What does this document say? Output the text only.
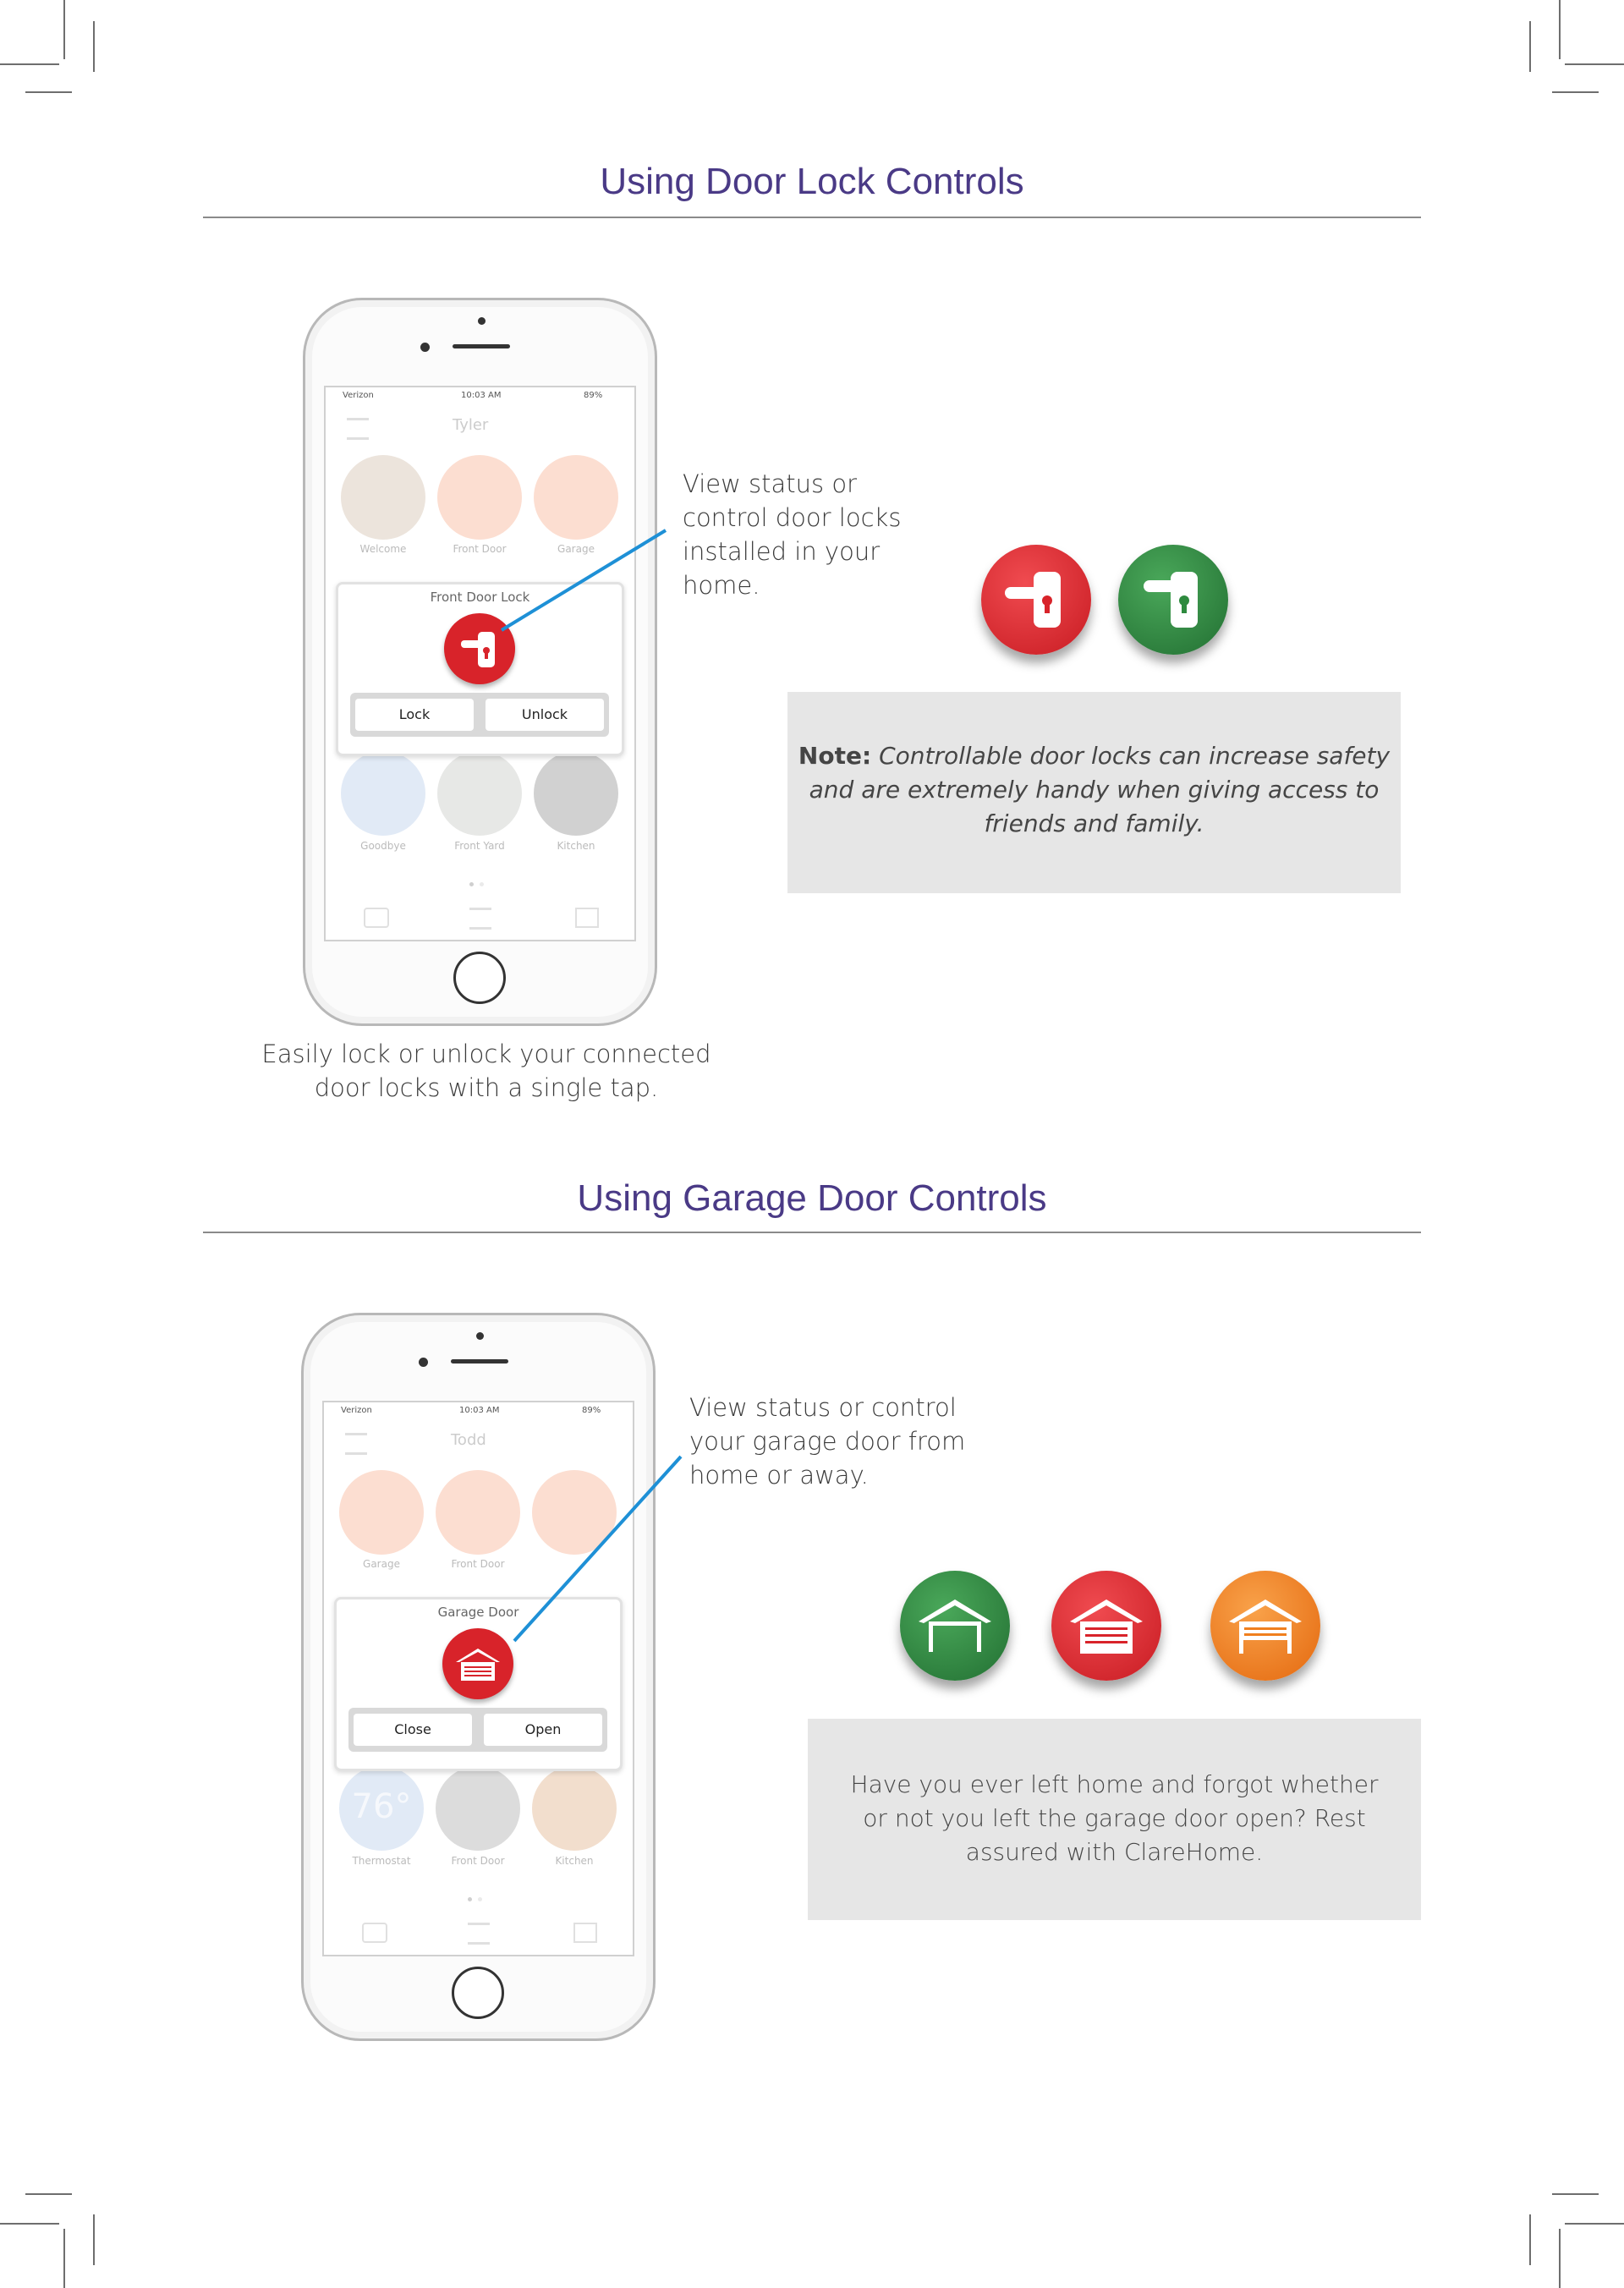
Using Door Lock Controls
Verizon	10:03 AM	89%
Tyler
Welcome	Front Door	Garage
Goodbye	Front Yard	Kitchen
Front Door Lock
Lock	Unlock
View status or
control door locks
installed in your
home.
Note: Controllable door locks can increase safety
and are extremely handy when giving access to
friends and family.
Easily lock or unlock your connected
door locks with a single tap.
Using Garage Door Controls
Verizon	10:03 AM	89%
Todd
Garage	Front Door
76°
Thermostat	Front Door	Kitchen
Garage Door
Close	Open
View status or control
your garage door from
home or away.
Have you ever left home and forgot whether
or not you left the garage door open? Rest
assured with ClareHome.
